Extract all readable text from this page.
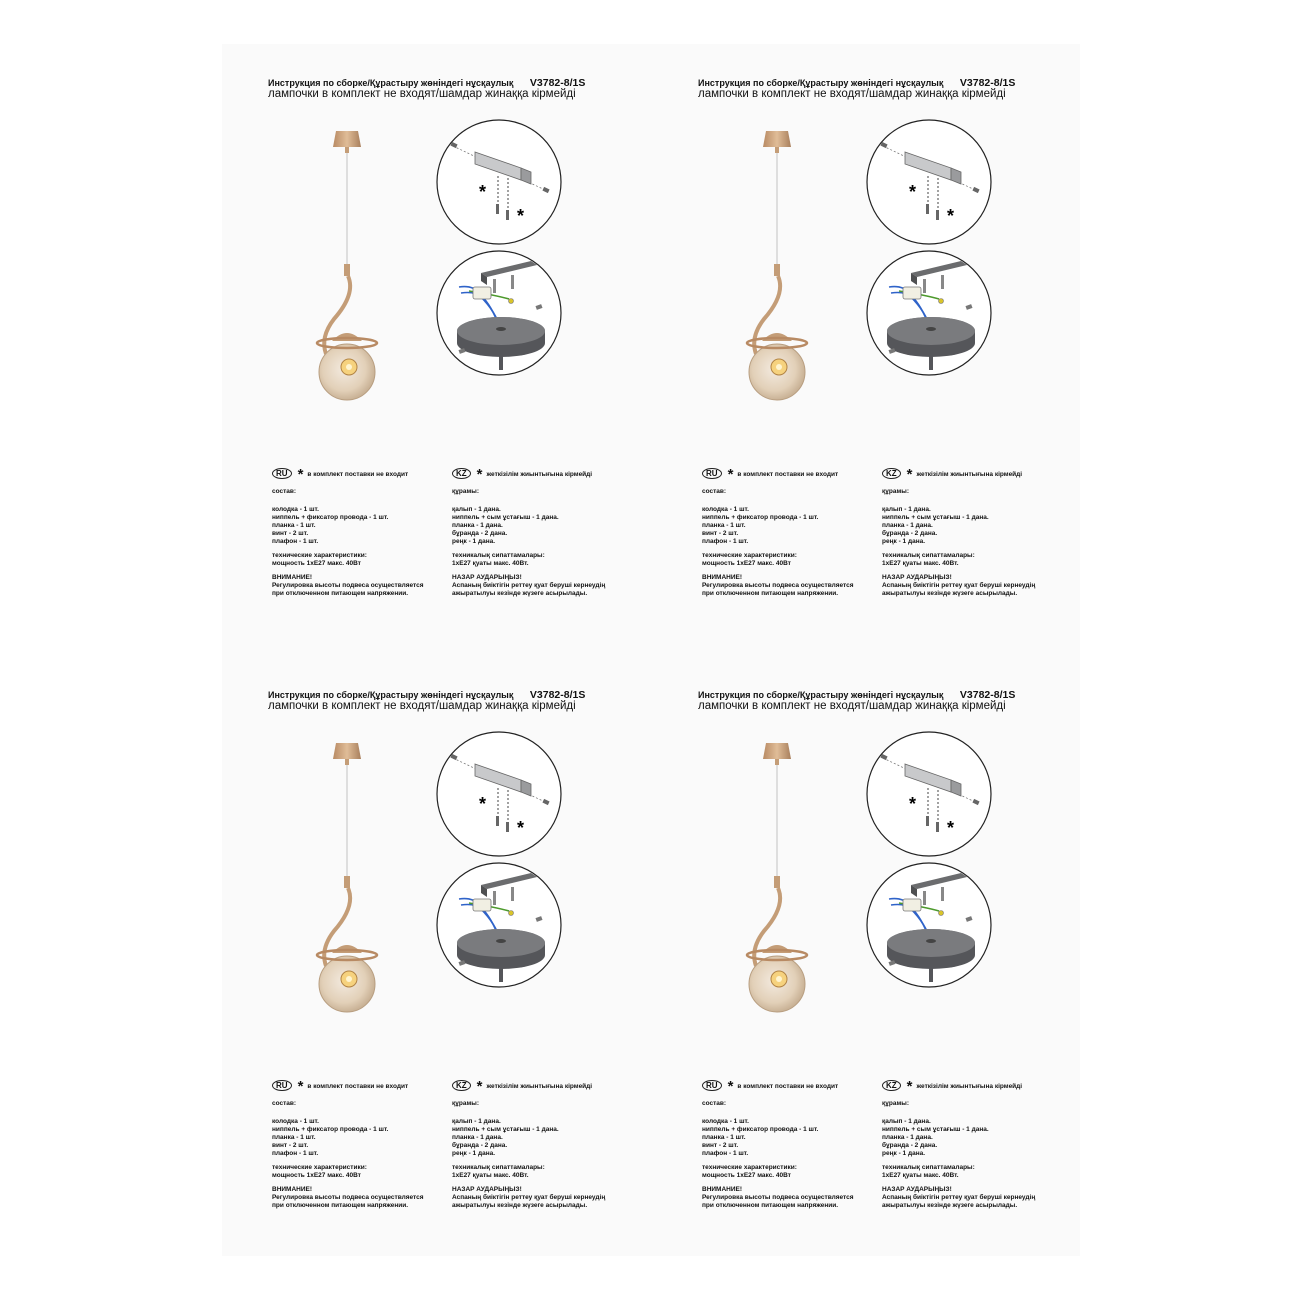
Инструкция по сборке/Құрастыру жөніндегі нұсқаулық V3782-8/1S
лампочки в комплект не входят/шамдар жинаққа кірмейді
*
*
RU * в комплект поставки не входит
состав:
колодка - 1 шт.
ниппель + фиксатор провода - 1 шт.
планка - 1 шт.
винт - 2 шт.
плафон - 1 шт.
технические характеристики:
мощность 1хЕ27 макс. 40Вт
ВНИМАНИЕ!
Регулировка высоты подвеса осуществляется
при отключенном питающем напряжении.
KZ * жеткізілім жиынтығына кірмейді
құрамы:
қалып - 1 дана.
ниппель + сым ұстағыш - 1 дана.
планка - 1 дана.
бұранда - 2 дана.
реңк - 1 дана.
техникалық сипаттамалары:
1хЕ27 қуаты макс. 40Вт.
НАЗАР АУДАРЫҢЫЗ!
Аспаның биіктігін реттеу қуат беруші кернеудің
ажыратылуы кезінде жүзеге асырылады.
Инструкция по сборке/Құрастыру жөніндегі нұсқаулық V3782-8/1S
лампочки в комплект не входят/шамдар жинаққа кірмейді
*
*
RU * в комплект поставки не входит
состав:
колодка - 1 шт.
ниппель + фиксатор провода - 1 шт.
планка - 1 шт.
винт - 2 шт.
плафон - 1 шт.
технические характеристики:
мощность 1хЕ27 макс. 40Вт
ВНИМАНИЕ!
Регулировка высоты подвеса осуществляется
при отключенном питающем напряжении.
KZ * жеткізілім жиынтығына кірмейді
құрамы:
қалып - 1 дана.
ниппель + сым ұстағыш - 1 дана.
планка - 1 дана.
бұранда - 2 дана.
реңк - 1 дана.
техникалық сипаттамалары:
1хЕ27 қуаты макс. 40Вт.
НАЗАР АУДАРЫҢЫЗ!
Аспаның биіктігін реттеу қуат беруші кернеудің
ажыратылуы кезінде жүзеге асырылады.
Инструкция по сборке/Құрастыру жөніндегі нұсқаулық V3782-8/1S
лампочки в комплект не входят/шамдар жинаққа кірмейді
*
*
RU * в комплект поставки не входит
состав:
колодка - 1 шт.
ниппель + фиксатор провода - 1 шт.
планка - 1 шт.
винт - 2 шт.
плафон - 1 шт.
технические характеристики:
мощность 1хЕ27 макс. 40Вт
ВНИМАНИЕ!
Регулировка высоты подвеса осуществляется
при отключенном питающем напряжении.
KZ * жеткізілім жиынтығына кірмейді
құрамы:
қалып - 1 дана.
ниппель + сым ұстағыш - 1 дана.
планка - 1 дана.
бұранда - 2 дана.
реңк - 1 дана.
техникалық сипаттамалары:
1хЕ27 қуаты макс. 40Вт.
НАЗАР АУДАРЫҢЫЗ!
Аспаның биіктігін реттеу қуат беруші кернеудің
ажыратылуы кезінде жүзеге асырылады.
Инструкция по сборке/Құрастыру жөніндегі нұсқаулық V3782-8/1S
лампочки в комплект не входят/шамдар жинаққа кірмейді
*
*
RU * в комплект поставки не входит
состав:
колодка - 1 шт.
ниппель + фиксатор провода - 1 шт.
планка - 1 шт.
винт - 2 шт.
плафон - 1 шт.
технические характеристики:
мощность 1хЕ27 макс. 40Вт
ВНИМАНИЕ!
Регулировка высоты подвеса осуществляется
при отключенном питающем напряжении.
KZ * жеткізілім жиынтығына кірмейді
құрамы:
қалып - 1 дана.
ниппель + сым ұстағыш - 1 дана.
планка - 1 дана.
бұранда - 2 дана.
реңк - 1 дана.
техникалық сипаттамалары:
1хЕ27 қуаты макс. 40Вт.
НАЗАР АУДАРЫҢЫЗ!
Аспаның биіктігін реттеу қуат беруші кернеудің
ажыратылуы кезінде жүзеге асырылады.
